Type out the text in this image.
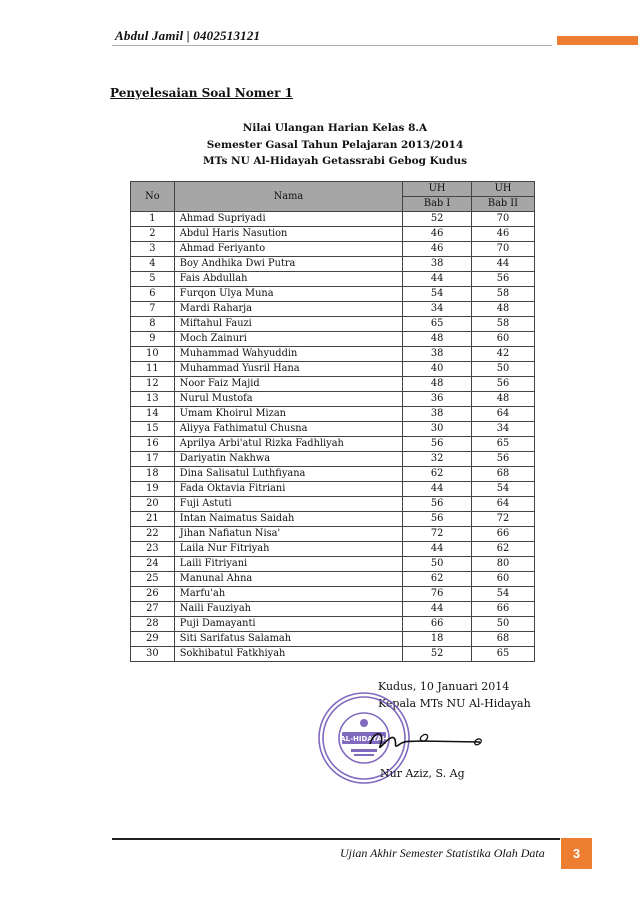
Abdul Jamil | 0402513121
Penyelesaian Soal Nomer 1
Nilai Ulangan Harian Kelas 8.A
Semester Gasal Tahun Pelajaran 2013/2014
MTs NU Al-Hidayah Getassrabi Gebog Kudus
No	Nama	UH	UH
		Bab I	Bab II
1	Ahmad Supriyadi	52	70
2	Abdul Haris Nasution	46	46
3	Ahmad Feriyanto	46	70
4	Boy Andhika Dwi Putra	38	44
5	Fais Abdullah	44	56
6	Furqon Ulya Muna	54	58
7	Mardi Raharja	34	48
8	Miftahul Fauzi	65	58
9	Moch Zainuri	48	60
10	Muhammad Wahyuddin	38	42
11	Muhammad Yusril Hana	40	50
12	Noor Faiz Majid	48	56
13	Nurul Mustofa	36	48
14	Umam Khoirul Mizan	38	64
15	Aliyya Fathimatul Chusna	30	34
16	Aprilya Arbi'atul Rizka Fadhliyah	56	65
17	Dariyatin Nakhwa	32	56
18	Dina Salisatul Luthfiyana	62	68
19	Fada Oktavia Fitriani	44	54
20	Fuji Astuti	56	64
21	Intan Naimatus Saidah	56	72
22	Jihan Nafiatun Nisa'	72	66
23	Laila Nur Fitriyah	44	62
24	Laili Fitriyani	50	80
25	Manunal Ahna	62	60
26	Marfu'ah	76	54
27	Naili Fauziyah	44	66
28	Puji Damayanti	66	50
29	Siti Sarifatus Salamah	18	68
30	Sokhibatul Fatkhiyah	52	65
Kudus, 10 Januari 2014
Kepala MTs NU Al-Hidayah
AL-HIDAYAH
Nur Aziz, S. Ag
Ujian Akhir Semester Statistika Olah Data	3
